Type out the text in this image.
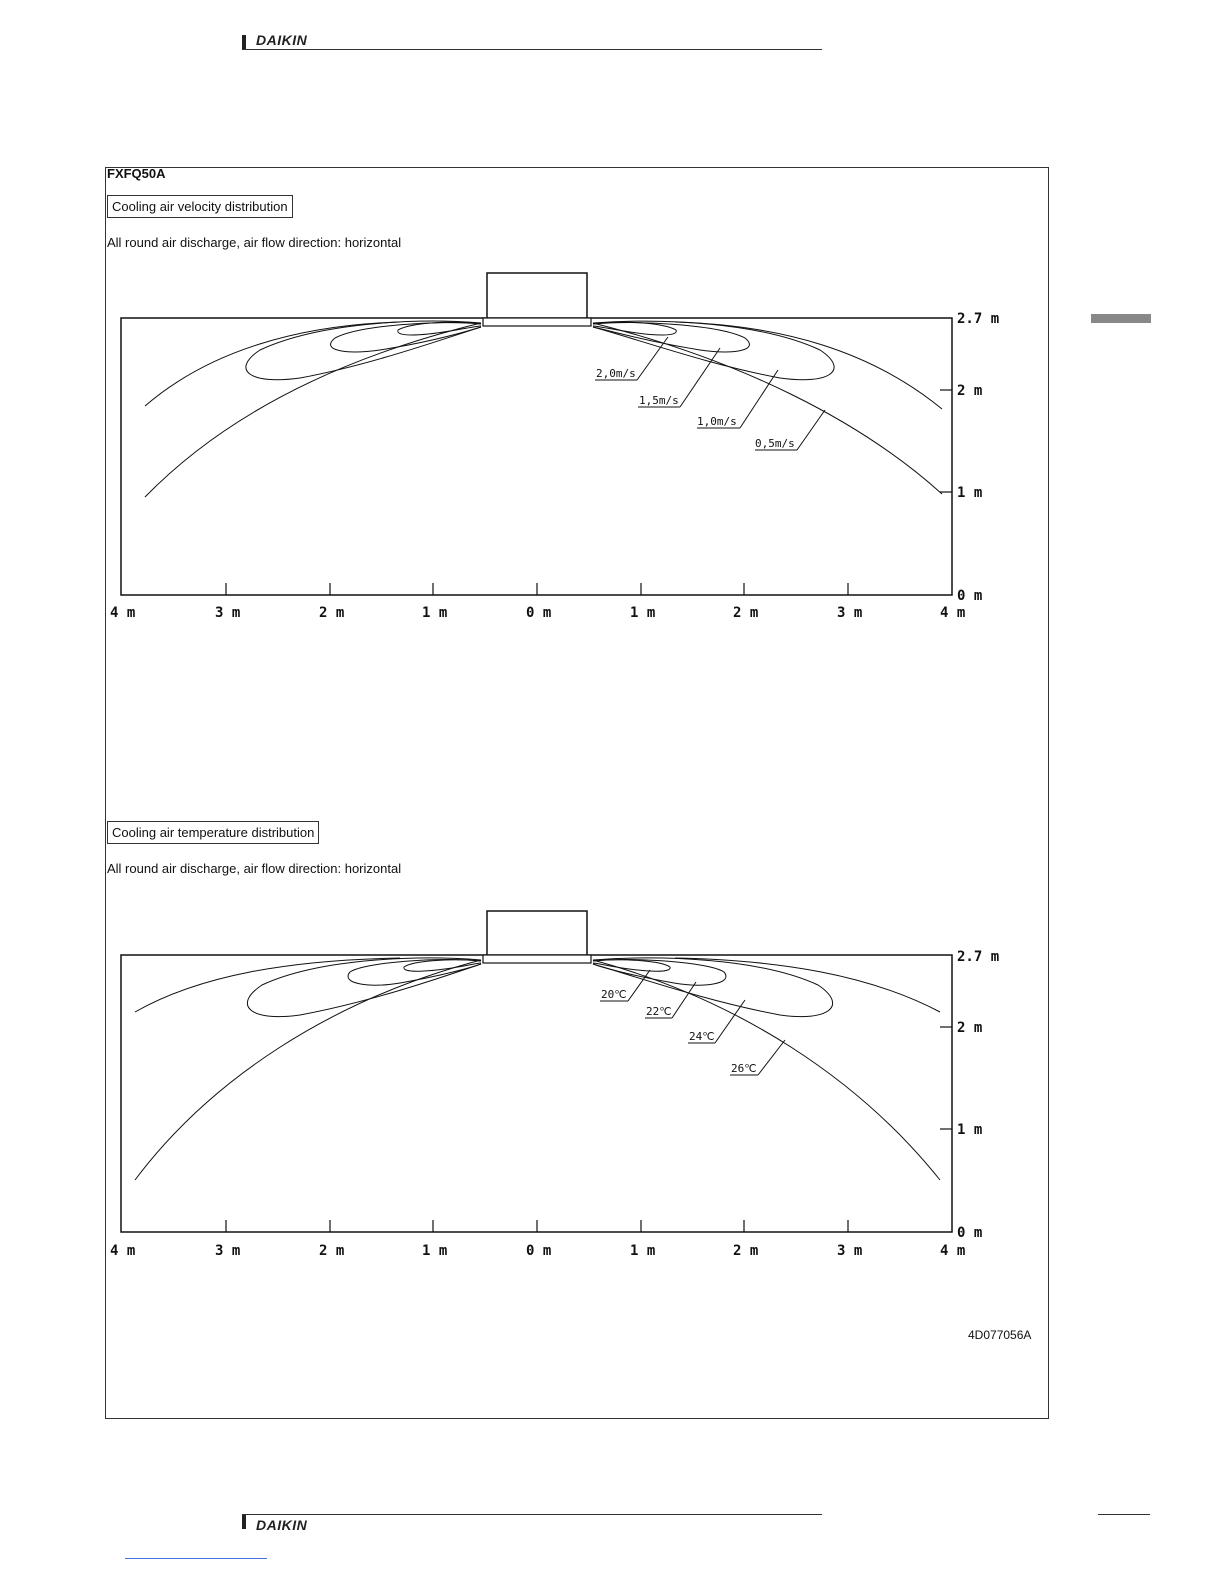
DAIKIN
FXFQ50A
Cooling air velocity distribution
All round air discharge, air flow direction: horizontal
2,0m/s
1,5m/s
1,0m/s
0,5m/s
4 m	3 m	2 m	1 m	0 m	1 m	2 m	3 m	4 m
2.7 m
2 m
1 m
0 m
Cooling air temperature distribution
All round air discharge, air flow direction: horizontal
20℃
22℃
24℃
26℃
4 m	3 m	2 m	1 m	0 m	1 m	2 m	3 m	4 m
2.7 m
2 m
1 m
0 m
4D077056A
DAIKIN
